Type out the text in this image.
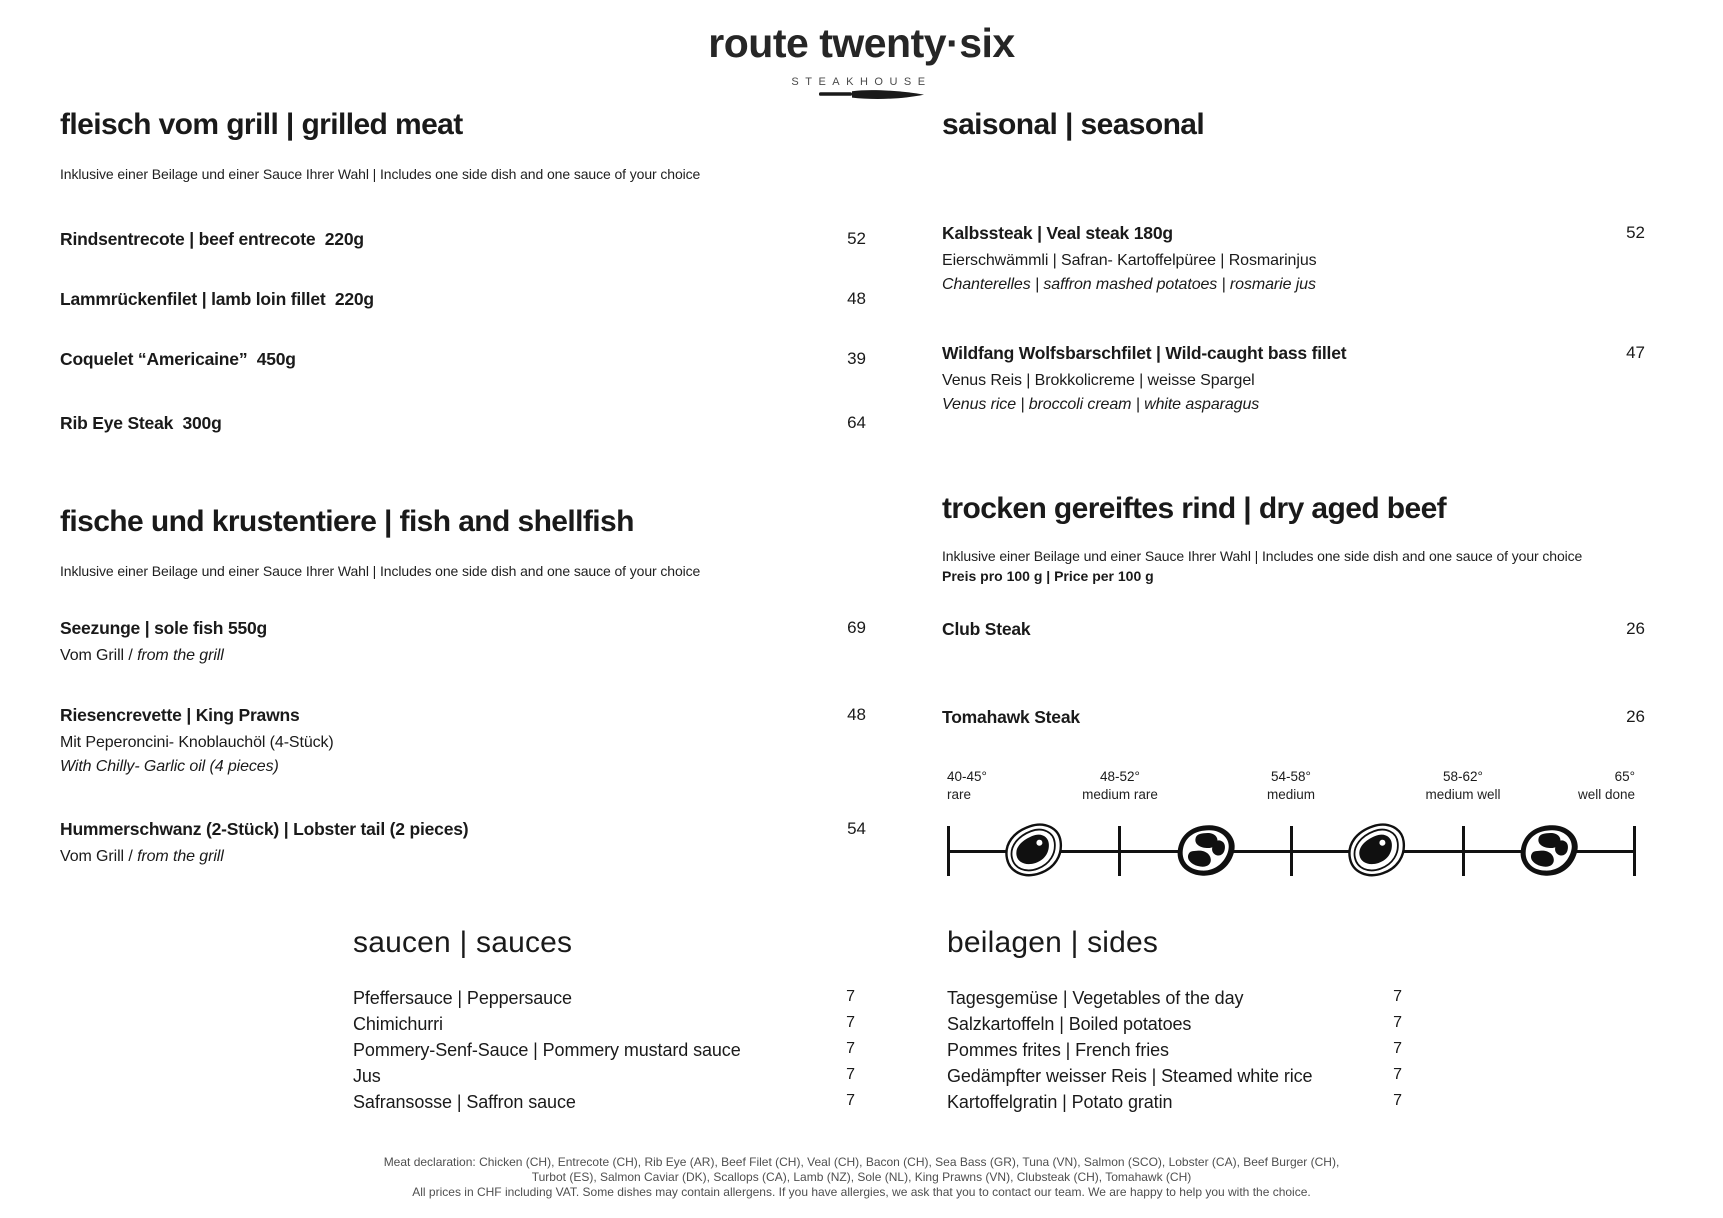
route twenty·six
STEAKHOUSE
fleisch vom grill | grilled meat
Inklusive einer Beilage und einer Sauce Ihrer Wahl | Includes one side dish and one sauce of your choice
Rindsentrecote | beef entrecote  220g	52
Lammrückenfilet | lamb loin fillet  220g	48
Coquelet “Americaine”  450g	39
Rib Eye Steak  300g	64
fische und krustentiere | fish and shellfish
Inklusive einer Beilage und einer Sauce Ihrer Wahl | Includes one side dish and one sauce of your choice
Seezunge | sole fish 550g	69
Vom Grill / from the grill
Riesencrevette | King Prawns	48
Mit Peperoncini- Knoblauchöl (4-Stück)
With Chilly- Garlic oil (4 pieces)
Hummerschwanz (2-Stück) | Lobster tail (2 pieces)	54
Vom Grill / from the grill
saisonal | seasonal
Kalbssteak | Veal steak 180g	52
Eierschwämmli | Safran- Kartoffelpüree | Rosmarinjus
Chanterelles | saffron mashed potatoes | rosmarie jus
Wildfang Wolfsbarschfilet | Wild-caught bass fillet	47
Venus Reis | Brokkolicreme | weisse Spargel
Venus rice | broccoli cream | white asparagus
trocken gereiftes rind | dry aged beef
Inklusive einer Beilage und einer Sauce Ihrer Wahl | Includes one side dish and one sauce of your choice
Preis pro 100 g | Price per 100 g
Club Steak	26
Tomahawk Steak	26
40-45°
rare
48-52°
medium rare
54-58°
medium
58-62°
medium well
65°
well done
saucen | sauces
Pfeffersauce | Peppersauce	7
Chimichurri	7
Pommery-Senf-Sauce | Pommery mustard sauce	7
Jus	7
Safransosse | Saffron sauce	7
beilagen | sides
Tagesgemüse | Vegetables of the day	7
Salzkartoffeln | Boiled potatoes	7
Pommes frites | French fries	7
Gedämpfter weisser Reis | Steamed white rice	7
Kartoffelgratin | Potato gratin	7
Meat declaration: Chicken (CH), Entrecote (CH), Rib Eye (AR), Beef Filet (CH), Veal (CH), Bacon (CH), Sea Bass (GR), Tuna (VN), Salmon (SCO), Lobster (CA), Beef Burger (CH),
Turbot (ES), Salmon Caviar (DK), Scallops (CA), Lamb (NZ), Sole (NL), King Prawns (VN), Clubsteak (CH), Tomahawk (CH)
All prices in CHF including VAT. Some dishes may contain allergens. If you have allergies, we ask that you to contact our team. We are happy to help you with the choice.
